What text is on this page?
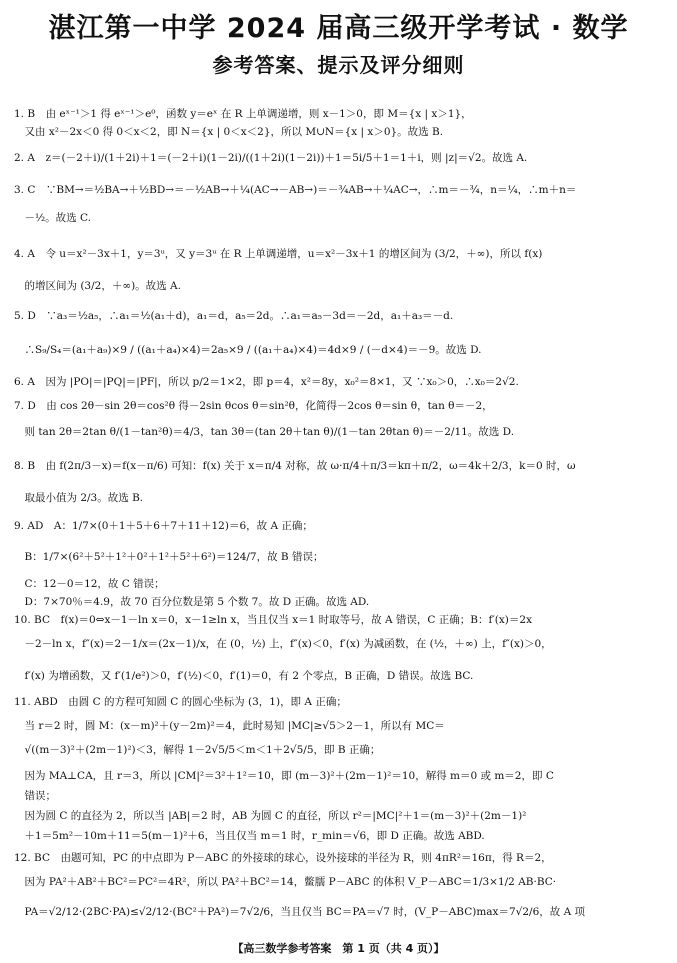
湛江第一中学 2024 届高三级开学考试 · 数学
参考答案、提示及评分细则
1. B　由 eˣ⁻¹＞1 得 eˣ⁻¹＞e⁰，函数 y＝eˣ 在 R 上单调递增，则 x－1＞0，即 M＝{x | x＞1}，
　又由 x²－2x＜0 得 0＜x＜2，即 N＝{x | 0＜x＜2}，所以 M∪N＝{x | x＞0}。故选 B.
2. A　z＝(－2＋i)/(1＋2i)＋1＝(－2＋i)(1－2i)/((1＋2i)(1－2i))＋1＝5i/5＋1＝1＋i，则 |z|＝√2。故选 A.
3. C　∵BM→＝½BA→＋½BD→＝－½AB→＋¼(AC→－AB→)＝－¾AB→＋¼AC→，∴m＝－¾，n＝¼，∴m＋n＝
　－½。故选 C.
4. A　令 u＝x²－3x＋1，y＝3ᵘ，又 y＝3ᵘ 在 R 上单调递增，u＝x²－3x＋1 的增区间为 (3/2，＋∞)，所以 f(x)
　的增区间为 (3/2，＋∞)。故选 A.
5. D　∵a₃＝½a₅，∴a₁＝½(a₁＋d)，a₁＝d，a₅＝2d。∴a₁＝a₅－3d＝－2d，a₁＋a₃＝－d.
　∴S₉/S₄＝(a₁＋a₉)×9 / ((a₁＋a₄)×4)＝2a₅×9 / ((a₁＋a₄)×4)＝4d×9 / (－d×4)＝－9。故选 D.
6. A　因为 |PO|＝|PQ|＝|PF|，所以 p/2＝1×2，即 p＝4，x²＝8y，x₀²＝8×1，又 ∵x₀＞0，∴x₀＝2√2.
7. D　由 cos 2θ－sin 2θ＝cos²θ 得－2sin θcos θ＝sin²θ，化简得－2cos θ＝sin θ，tan θ＝－2，
　则 tan 2θ＝2tan θ/(1－tan²θ)＝4/3，tan 3θ＝(tan 2θ＋tan θ)/(1－tan 2θtan θ)＝－2/11。故选 D.
8. B　由 f(2π/3－x)＝f(x－π/6) 可知：f(x) 关于 x＝π/4 对称，故 ω·π/4＋π/3＝kπ＋π/2，ω＝4k＋2/3，k＝0 时，ω
　取最小值为 2/3。故选 B.
9. AD　A：1/7×(0＋1＋5＋6＋7＋11＋12)＝6，故 A 正确；
　B：1/7×(6²＋5²＋1²＋0²＋1²＋5²＋6²)＝124/7，故 B 错误；
　C：12－0＝12，故 C 错误；
　D：7×70％＝4.9，故 70 百分位数是第 5 个数 7。故 D 正确。故选 AD.
10. BC　f(x)＝0⇔x－1－ln x＝0，x－1≥ln x，当且仅当 x＝1 时取等号，故 A 错误，C 正确；B：f′(x)＝2x
　－2－ln x，f″(x)＝2－1/x＝(2x－1)/x，在 (0，½) 上，f″(x)＜0，f′(x) 为减函数，在 (½，＋∞) 上，f″(x)＞0，
　f′(x) 为增函数，又 f′(1/e²)＞0，f′(½)＜0，f′(1)＝0，有 2 个零点，B 正确，D 错误。故选 BC.
11. ABD　由圆 C 的方程可知圆 C 的圆心坐标为 (3，1)，即 A 正确；
　当 r＝2 时，圆 M：(x－m)²＋(y－2m)²＝4，此时易知 |MC|≥√5＞2－1，所以有 MC＝
　√((m－3)²＋(2m－1)²)＜3，解得 1－2√5/5＜m＜1＋2√5/5，即 B 正确；
　因为 MA⊥CA，且 r＝3，所以 |CM|²＝3²＋1²＝10，即 (m－3)²＋(2m－1)²＝10，解得 m＝0 或 m＝2，即 C
　错误；
　因为圆 C 的直径为 2，所以当 |AB|＝2 时，AB 为圆 C 的直径，所以 r²＝|MC|²＋1＝(m－3)²＋(2m－1)²
　＋1＝5m²－10m＋11＝5(m－1)²＋6，当且仅当 m＝1 时，r_min＝√6，即 D 正确。故选 ABD.
12. BC　由题可知，PC 的中点即为 P－ABC 的外接球的球心，设外接球的半径为 R，则 4πR²＝16π，得 R＝2，
　因为 PA²＋AB²＋BC²＝PC²＝4R²，所以 PA²＋BC²＝14，鳖臑 P－ABC 的体积 V_P－ABC＝1/3×1/2 AB·BC·
　PA＝√2/12·(2BC·PA)≤√2/12·(BC²＋PA²)＝7√2/6，当且仅当 BC＝PA＝√7 时，(V_P－ABC)max＝7√2/6，故 A 项
【高三数学参考答案　第 1 页（共 4 页）】
